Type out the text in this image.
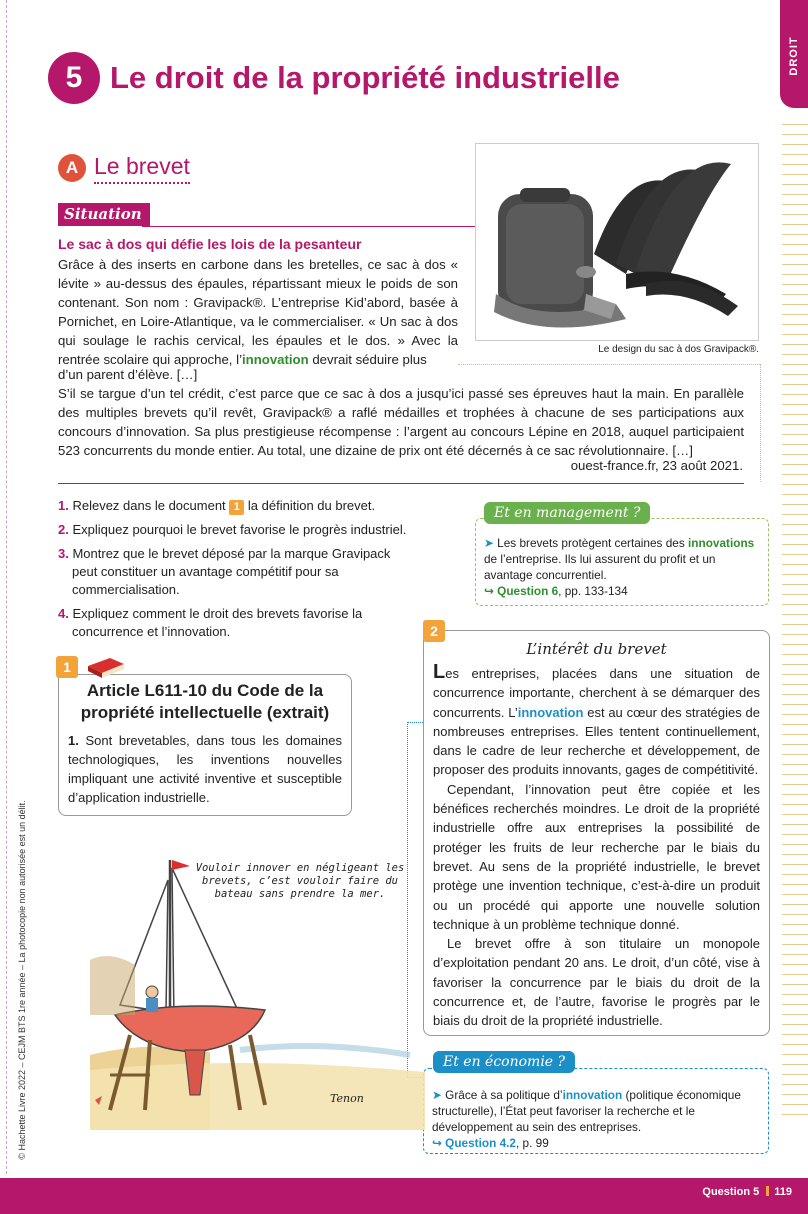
DROIT
5 Le droit de la propriété industrielle
A Le brevet
Situation
Le sac à dos qui défie les lois de la pesanteur
Grâce à des inserts en carbone dans les bretelles, ce sac à dos « lévite » au-dessus des épaules, répartissant mieux le poids de son contenant. Son nom : Gravipack®. L’entreprise Kid’abord, basée à Pornichet, en Loire-Atlantique, va le commercialiser. « Un sac à dos qui soulage le rachis cervical, les épaules et le dos. » Avec la rentrée scolaire qui approche, l’innovation devrait séduire plus
d’un parent d’élève. […]
S’il se targue d’un tel crédit, c’est parce que ce sac à dos a jusqu’ici passé ses épreuves haut la main. En parallèle des multiples brevets qu’il revêt, Gravipack® a raflé médailles et trophées à chacune de ses participations aux concours d’innovation. Sa plus prestigieuse récompense : l’argent au concours Lépine en 2018, auquel participaient 523 concurrents du monde entier. Au total, une dizaine de prix ont été décernés à ce sac révolutionnaire. […]
ouest-france.fr, 23 août 2021.
Le design du sac à dos Gravipack®.
1. Relevez dans le document 1 la définition du brevet.
2. Expliquez pourquoi le brevet favorise le progrès industriel.
3. Montrez que le brevet déposé par la marque Gravipack peut constituer un avantage compétitif pour sa commercialisation.
4. Expliquez comment le droit des brevets favorise la concurrence et l’innovation.
Et en management ?
➤ Les brevets protègent certaines des innovations
de l’entreprise. Ils lui assurent du profit et un avantage concurrentiel.
↪ Question 6, pp. 133-134
1
Article L611-10 du Code de la propriété intellectuelle (extrait)
1. Sont brevetables, dans tous les domaines technologiques, les inventions nouvelles impliquant une activité inventive et susceptible d’application industrielle.
2
L’intérêt du brevet

Les entreprises, placées dans une situation de concurrence importante, cherchent à se démarquer des concurrents. L’innovation est au cœur des stratégies de nombreuses entreprises. Elles tentent continuellement, dans le cadre de leur recherche et développement, de proposer des produits innovants, gages de compétitivité.

Cependant, l’innovation peut être copiée et les bénéfices recherchés moindres. Le droit de la propriété industrielle offre aux entreprises la possibilité de protéger les fruits de leur recherche par le biais du brevet. Au sens de la propriété industrielle, le brevet protège une invention technique, c’est-à-dire un produit ou un procédé qui apporte une nouvelle solution technique à un problème technique donné.

Le brevet offre à son titulaire un monopole d’exploitation pendant 20 ans. Le droit, d’un côté, vise à favoriser la concurrence par le biais du droit de la concurrence et, de l’autre, favorise le progrès par le biais du droit de la propriété industrielle.

Et en économie ?
➤ Grâce à sa politique d’innovation (politique économique structurelle), l’État peut favoriser la recherche et le développement au sein des entreprises.
↪ Question 4.2, p. 99
Vouloir innover en négligeant les brevets, c’est vouloir faire du bateau sans prendre la mer.
Tenon
© Hachette Livre 2022 – CEJM BTS 1re année – La photocopie non autorisée est un délit.
Question 5 119
